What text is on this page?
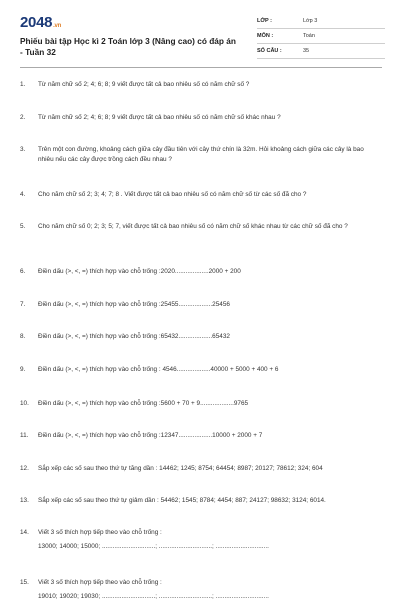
2048.vn
Phiếu bài tập Học kì 2 Toán lớp 3 (Nâng cao) có đáp án - Tuần 32
LỚP :	Lớp 3
MÔN :	Toán
SỐ CÂU :	35
1.	Từ năm chữ số 2; 4; 6; 8; 9 viết được tất cả bao nhiêu số có năm chữ số ?
2.	Từ năm chữ số 2; 4; 6; 8; 9 viết được tất cả bao nhiêu số có năm chữ số khác nhau ?
3.	Trên một con đường, khoảng cách giữa cây đầu tiên với cây thứ chín là 32m. Hỏi khoảng cách giữa các cây là bao nhiêu nếu các cây được trồng cách đều nhau ?
4.	Cho năm chữ số 2; 3; 4; 7; 8 . Viết được tất cả bao nhiêu số có năm chữ số từ các số đã cho ?
5.	Cho năm chữ số 0; 2; 3; 5; 7, viết được tất cả bao nhiêu số có năm chữ số khác nhau từ các chữ số đã cho ?
6.	Điền dấu (>, <, =) thích hợp vào chỗ trống :2020...................2000 + 200
7.	Điền dấu (>, <, =) thích hợp vào chỗ trống :25455...................25456
8.	Điền dấu (>, <, =) thích hợp vào chỗ trống :65432...................65432
9.	Điền dấu (>, <, =) thích hợp vào chỗ trống : 4546...................40000 + 5000 + 400 + 6
10.	Điền dấu (>, <, =) thích hợp vào chỗ trống :5600 + 70 + 9...................9765
11.	Điền dấu (>, <, =) thích hợp vào chỗ trống :12347...................10000 + 2000 + 7
12.	Sắp xếp các số sau theo thứ tự tăng dần : 14462; 1245; 8754; 64454; 8987; 20127; 78612; 324; 604
13.	Sắp xếp các số sau theo thứ tự giảm dần : 54462; 1545; 8784; 4454; 887; 24127; 98632; 3124; 6014.
14.	Viết 3 số thích hợp tiếp theo vào chỗ trống :
13000; 14000; 15000; ..............................; ..............................; ..............................
15.	Viết 3 số thích hợp tiếp theo vào chỗ trống :
19010; 19020; 19030; ..............................; ..............................; ..............................
